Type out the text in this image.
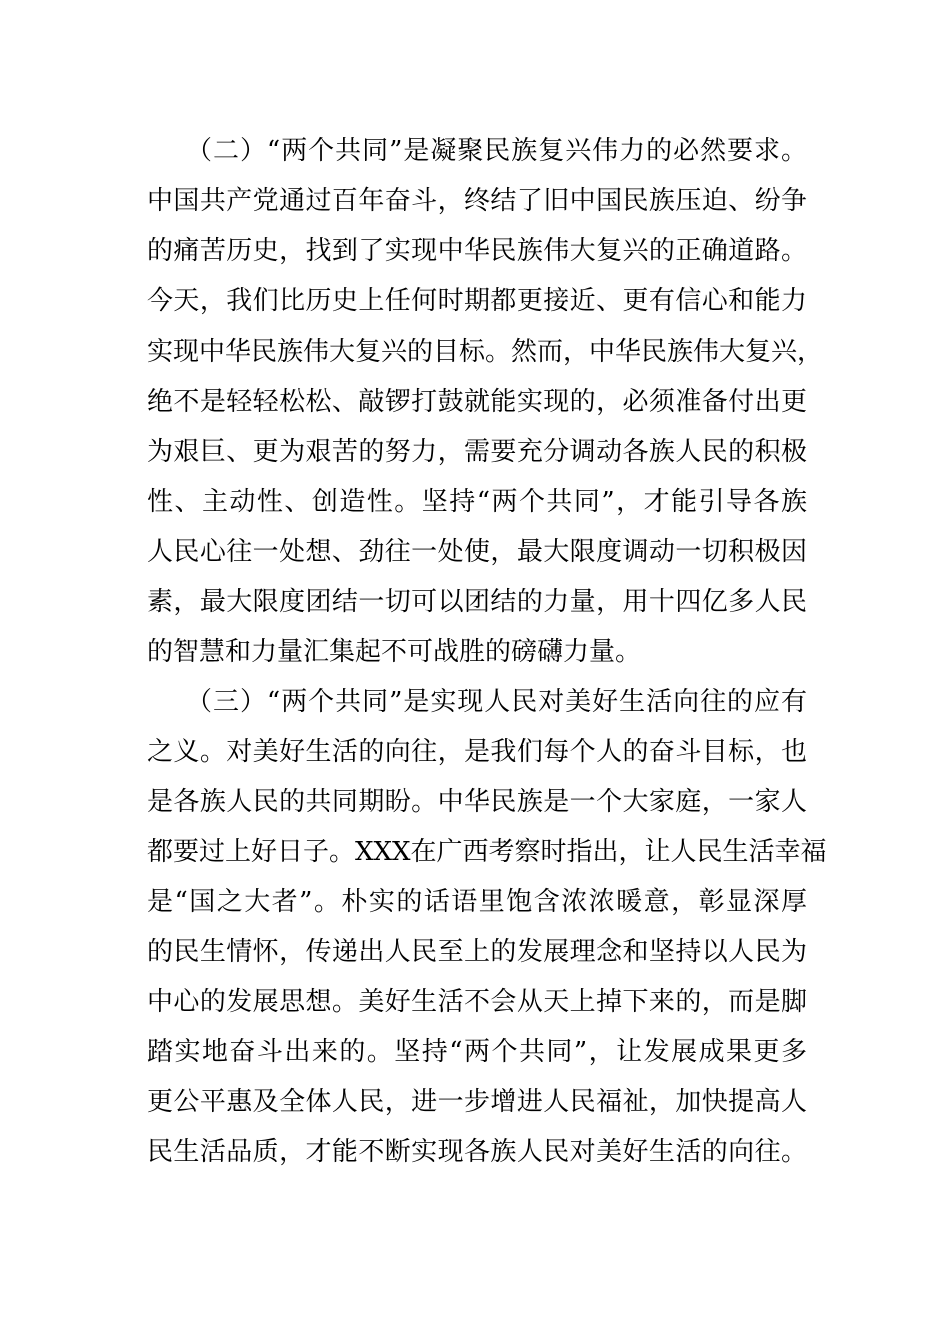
（二）“两个共同”是凝聚民族复兴伟力的必然要求。
中国共产党通过百年奋斗，终结了旧中国民族压迫、纷争
的痛苦历史，找到了实现中华民族伟大复兴的正确道路。
今天，我们比历史上任何时期都更接近、更有信心和能力
实现中华民族伟大复兴的目标。然而，中华民族伟大复兴，
绝不是轻轻松松、敲锣打鼓就能实现的，必须准备付出更
为艰巨、更为艰苦的努力，需要充分调动各族人民的积极
性、主动性、创造性。坚持“两个共同”，才能引导各族
人民心往一处想、劲往一处使，最大限度调动一切积极因
素，最大限度团结一切可以团结的力量，用十四亿多人民
的智慧和力量汇集起不可战胜的磅礴力量。
（三）“两个共同”是实现人民对美好生活向往的应有
之义。对美好生活的向往，是我们每个人的奋斗目标，也
是各族人民的共同期盼。中华民族是一个大家庭，一家人
都要过上好日子。XXX在广西考察时指出，让人民生活幸福
是“国之大者”。朴实的话语里饱含浓浓暖意，彰显深厚
的民生情怀，传递出人民至上的发展理念和坚持以人民为
中心的发展思想。美好生活不会从天上掉下来的，而是脚
踏实地奋斗出来的。坚持“两个共同”，让发展成果更多
更公平惠及全体人民，进一步增进人民福祉，加快提高人
民生活品质，才能不断实现各族人民对美好生活的向往。
